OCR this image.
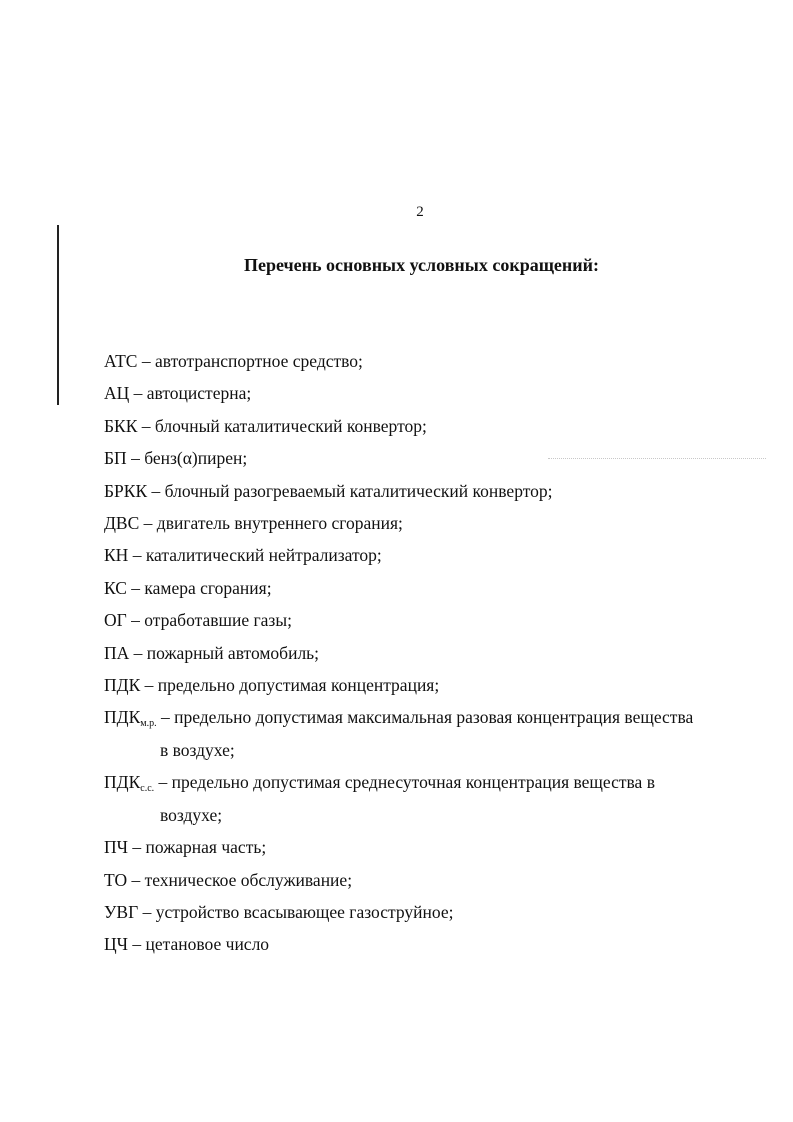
2
Перечень основных условных сокращений:
АТС – автотранспортное средство;
АЦ – автоцистерна;
БКК – блочный каталитический конвертор;
БП – бенз(α)пирен;
БРКК – блочный разогреваемый каталитический конвертор;
ДВС – двигатель внутреннего сгорания;
КН – каталитический нейтрализатор;
КС – камера сгорания;
ОГ – отработавшие газы;
ПА – пожарный автомобиль;
ПДК – предельно допустимая концентрация;
$ПДК_{м.р.}$ – предельно допустимая максимальная разовая концентрация вещества
в воздухе;
$ПДК_{с.с.}$ – предельно допустимая среднесуточная концентрация вещества в
воздухе;
ПЧ – пожарная часть;
ТО – техническое обслуживание;
УВГ – устройство всасывающее газоструйное;
ЦЧ – цетановое число
